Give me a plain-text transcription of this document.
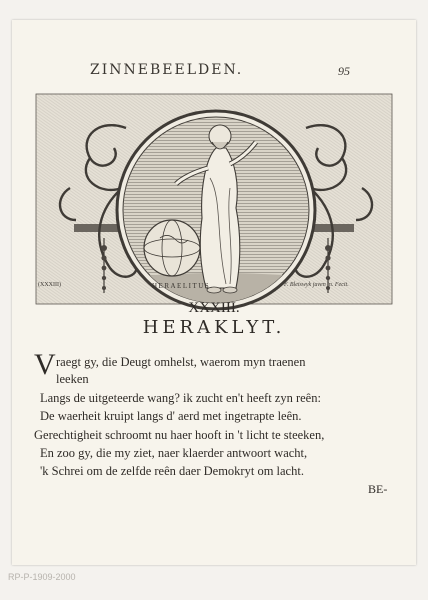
ZINNEBEELDEN.	95
(XXXIII)	HERAELITUS.	F. Bleiswyk juven in. Fecit.
XXXIII.
HERAKLYT.
V raegt gy, die Deugt omhelst, waerom myn traenen
leeken
Langs de uitgeteerde wang? ik zucht en't heeft zyn reên:
De waerheit kruipt langs d' aerd met ingetrapte leên.
Gerechtigheit schroomt nu haer hooft in 't licht te steeken,
En zoo gy, die my ziet, naer klaerder antwoort wacht,
'k Schrei om de zelfde reên daer Demokryt om lacht.
BE-
RP-P-1909-2000
